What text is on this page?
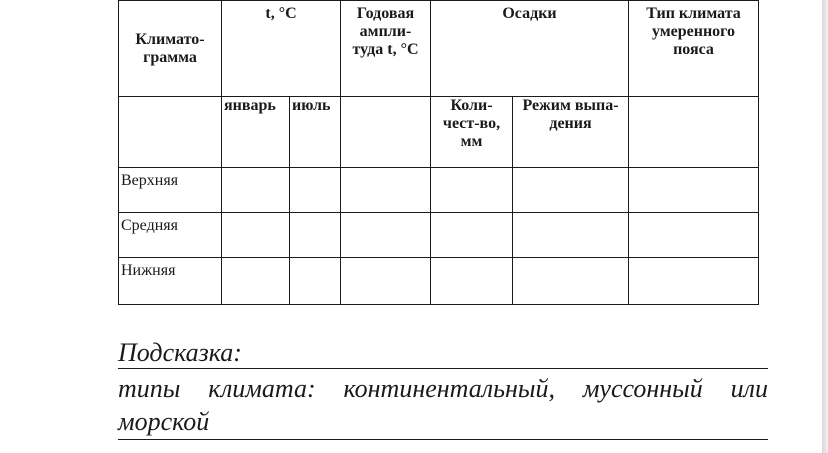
Климато-грамма	t, °C		Годовая ампли-туда t, °C	Осадки		Тип климата умеренного пояса

	январь	июль		Коли-чест-во, мм	Режим выпа-дения	

Верхняя						
Средняя						
Нижняя						
Подсказка:
типы климата: континентальный, муссонный или
морской
